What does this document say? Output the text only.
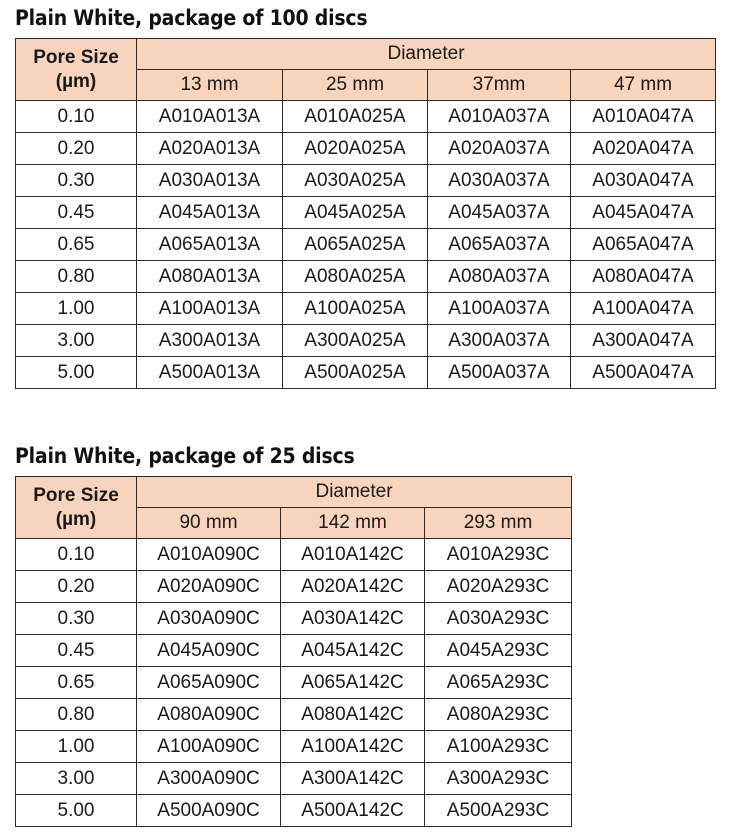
Plain White, package of 100 discs
Pore Size
(µm)	Diameter			
	13 mm	25 mm	37mm	47 mm
0.10	A010A013A	A010A025A	A010A037A	A010A047A
0.20	A020A013A	A020A025A	A020A037A	A020A047A
0.30	A030A013A	A030A025A	A030A037A	A030A047A
0.45	A045A013A	A045A025A	A045A037A	A045A047A
0.65	A065A013A	A065A025A	A065A037A	A065A047A
0.80	A080A013A	A080A025A	A080A037A	A080A047A
1.00	A100A013A	A100A025A	A100A037A	A100A047A
3.00	A300A013A	A300A025A	A300A037A	A300A047A
5.00	A500A013A	A500A025A	A500A037A	A500A047A
Plain White, package of 25 discs
Pore Size
(µm)	Diameter		
	90 mm	142 mm	293 mm
0.10	A010A090C	A010A142C	A010A293C
0.20	A020A090C	A020A142C	A020A293C
0.30	A030A090C	A030A142C	A030A293C
0.45	A045A090C	A045A142C	A045A293C
0.65	A065A090C	A065A142C	A065A293C
0.80	A080A090C	A080A142C	A080A293C
1.00	A100A090C	A100A142C	A100A293C
3.00	A300A090C	A300A142C	A300A293C
5.00	A500A090C	A500A142C	A500A293C
